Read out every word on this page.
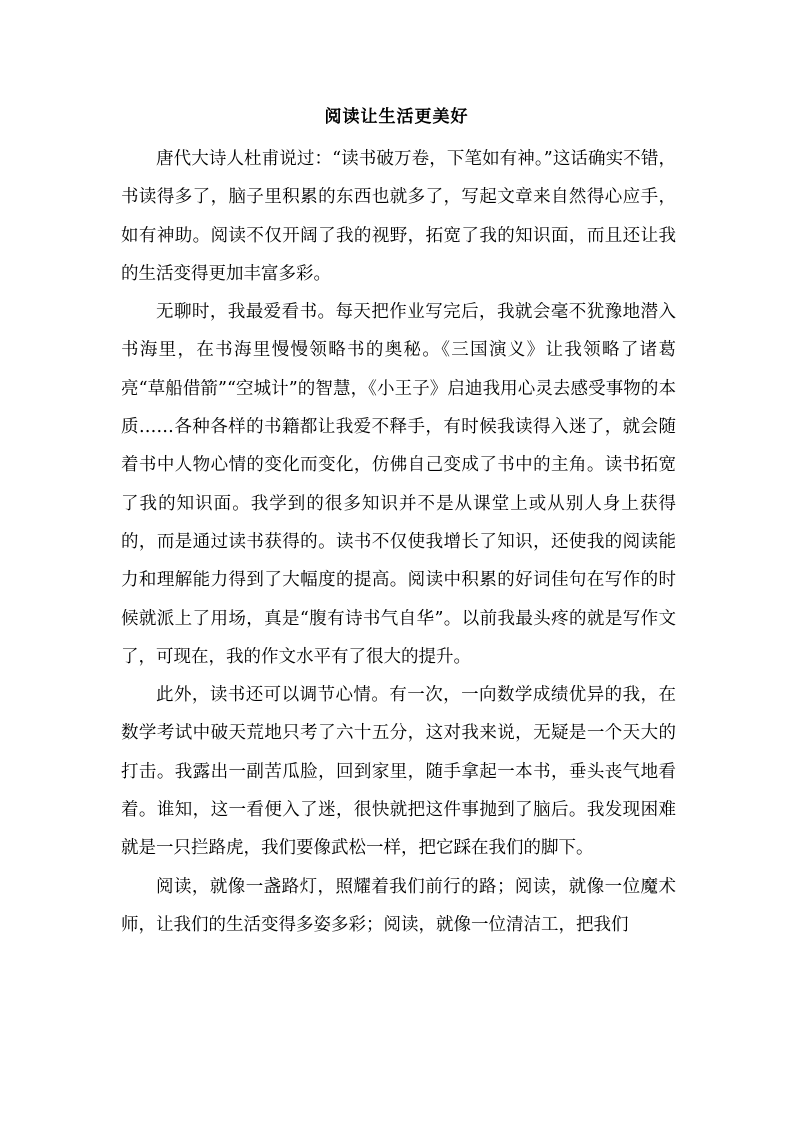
阅读让生活更美好

唐代大诗人杜甫说过：“读书破万卷，下笔如有神。”这话确实不错，书读得多了，脑子里积累的东西也就多了，写起文章来自然得心应手，如有神助。阅读不仅开阔了我的视野，拓宽了我的知识面，而且还让我的生活变得更加丰富多彩。

无聊时，我最爱看书。每天把作业写完后，我就会毫不犹豫地潜入书海里，在书海里慢慢领略书的奥秘。《三国演义》让我领略了诸葛亮“草船借箭”“空城计”的智慧，《小王子》启迪我用心灵去感受事物的本质……各种各样的书籍都让我爱不释手，有时候我读得入迷了，就会随着书中人物心情的变化而变化，仿佛自己变成了书中的主角。读书拓宽了我的知识面。我学到的很多知识并不是从课堂上或从别人身上获得的，而是通过读书获得的。读书不仅使我增长了知识，还使我的阅读能力和理解能力得到了大幅度的提高。阅读中积累的好词佳句在写作的时候就派上了用场，真是“腹有诗书气自华”。以前我最头疼的就是写作文了，可现在，我的作文水平有了很大的提升。

此外，读书还可以调节心情。有一次，一向数学成绩优异的我，在数学考试中破天荒地只考了六十五分，这对我来说，无疑是一个天大的打击。我露出一副苦瓜脸，回到家里，随手拿起一本书，垂头丧气地看着。谁知，这一看便入了迷，很快就把这件事抛到了脑后。我发现困难就是一只拦路虎，我们要像武松一样，把它踩在我们的脚下。

阅读，就像一盏路灯，照耀着我们前行的路；阅读，就像一位魔术师，让我们的生活变得多姿多彩；阅读，就像一位清洁工，把我们
